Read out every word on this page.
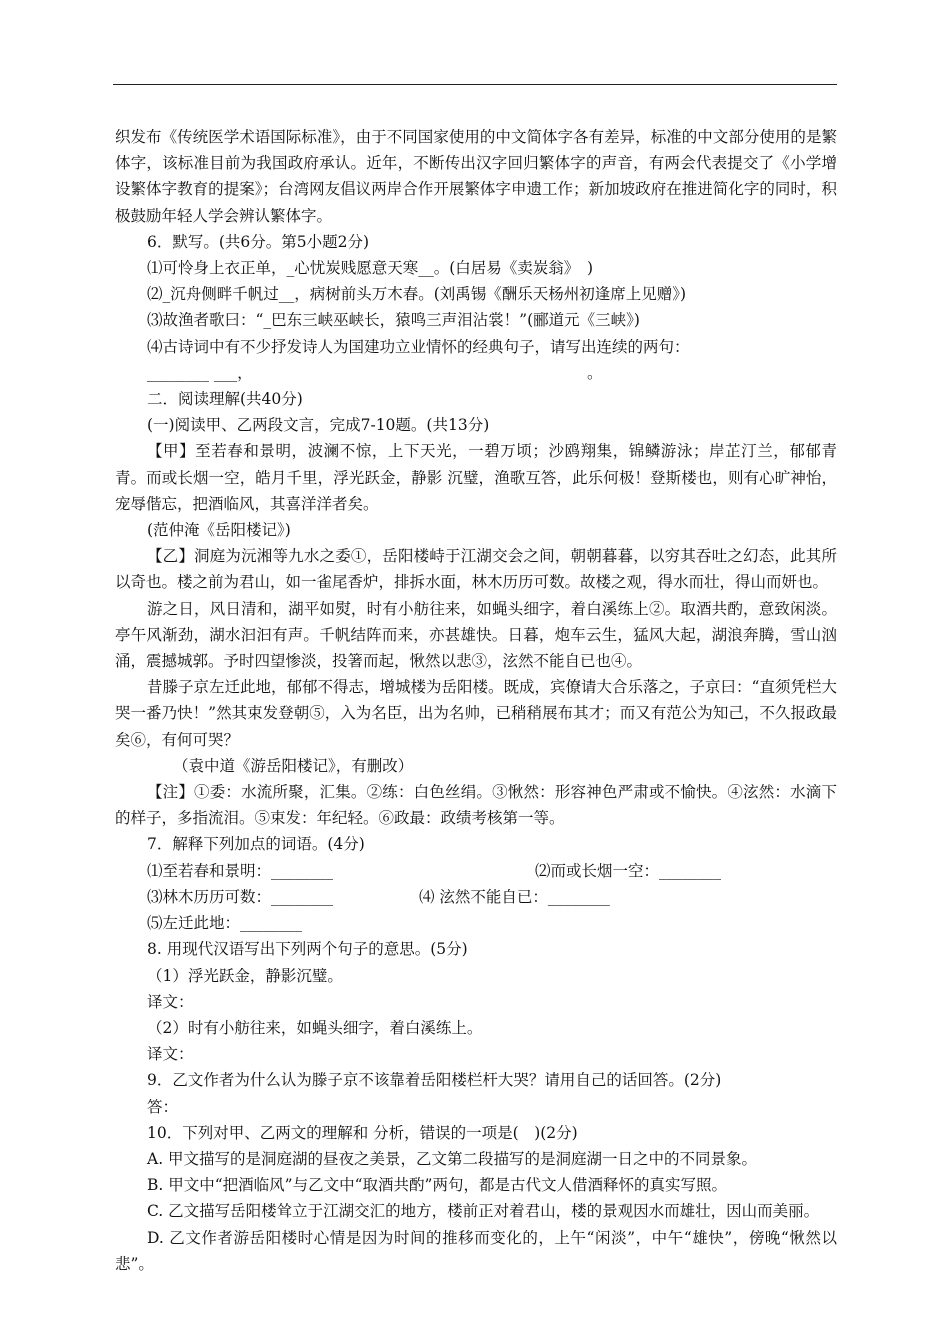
织发布《传统医学术语国际标准》，由于不同国家使用的中文简体字各有差异，标准的中文部分使用的是繁体字，该标准目前为我国政府承认。近年，不断传出汉字回归繁体字的声音，有两会代表提交了《小学增设繁体字教育的提案》；台湾网友倡议两岸合作开展繁体字申遗工作；新加坡政府在推进简化字的同时，积极鼓励年轻人学会辨认繁体字。

6．默写。(共6分。第5小题2分)

⑴可怜身上衣正单，_心忧炭贱愿意天寒__。(白居易《卖炭翁》　)

⑵_沉舟侧畔千帆过__，病树前头万木春。(刘禹锡《酬乐天杨州初逢席上见赠》)

⑶故渔者歌曰：“_巴东三峡巫峡长，猿鸣三声泪沾裳！”(郦道元《三峡》)

⑷古诗词中有不少抒发诗人为国建功立业情怀的经典句子，请写出连续的两句：

________ ___，	。

二．阅读理解(共40分)

(一)阅读甲、乙两段文言，完成7-10题。(共13分)

【甲】至若春和景明，波澜不惊，上下天光，一碧万顷；沙鸥翔集，锦鳞游泳；岸芷汀兰，郁郁青青。而或长烟一空，皓月千里，浮光跃金，静影 沉璧，渔歌互答，此乐何极！登斯楼也，则有心旷神怡，宠辱偕忘，把酒临风，其喜洋洋者矣。

(范仲淹《岳阳楼记》)

【乙】洞庭为沅湘等九水之委①，岳阳楼峙于江湖交会之间，朝朝暮暮，以穷其吞吐之幻态，此其所以奇也。楼之前为君山，如一雀尾香炉，排拆水面，林木历历可数。故楼之观，得水而壮，得山而妍也。

游之日，风日清和，湖平如熨，时有小舫往来，如蝇头细字，着白溪练上②。取酒共酌，意致闲淡。亭午风渐劲，湖水汩汩有声。千帆结阵而来，亦甚雄快。日暮，炮车云生，猛风大起，湖浪奔腾，雪山汹涌，震撼城郭。予时四望惨淡，投箸而起，愀然以悲③，泫然不能自已也④。

昔滕子京左迁此地，郁郁不得志，增城楼为岳阳楼。既成，宾僚请大合乐落之，子京曰：“直须凭栏大哭一番乃快！”然其束发登朝⑤，入为名臣，出为名帅，已稍稍展布其才；而又有范公为知己，不久报政最矣⑥，有何可哭？

（袁中道《游岳阳楼记》，有删改）

【注】①委：水流所聚，汇集。②练：白色丝绢。③愀然：形容神色严肃或不愉快。④泫然：水滴下的样子，多指流泪。⑤束发：年纪轻。⑥政最：政绩考核第一等。

7．解释下列加点的词语。(4分)

⑴至若春和景明：________	⑵而或长烟一空：________
⑶林木历历可数：________	⑷ 泫然不能自已：________

⑸左迁此地：________

8. 用现代汉语写出下列两个句子的意思。(5分)

（1）浮光跃金，静影沉璧。

译文：

（2）时有小舫往来，如蝇头细字，着白溪练上。

译文：

9．乙文作者为什么认为滕子京不该靠着岳阳楼栏杆大哭？请用自己的话回答。(2分)

答：

10．下列对甲、乙两文的理解和 分析，错误的一项是(　)(2分)

A. 甲文描写的是洞庭湖的昼夜之美景，乙文第二段描写的是洞庭湖一日之中的不同景象。

B. 甲文中“把酒临风”与乙文中“取酒共酌”两句，都是古代文人借酒释怀的真实写照。

C. 乙文描写岳阳楼耸立于江湖交汇的地方，楼前正对着君山，楼的景观因水而雄壮，因山而美丽。

D. 乙文作者游岳阳楼时心情是因为时间的推移而变化的，上午“闲淡”，中午“雄快”，傍晚“愀然以悲”。
